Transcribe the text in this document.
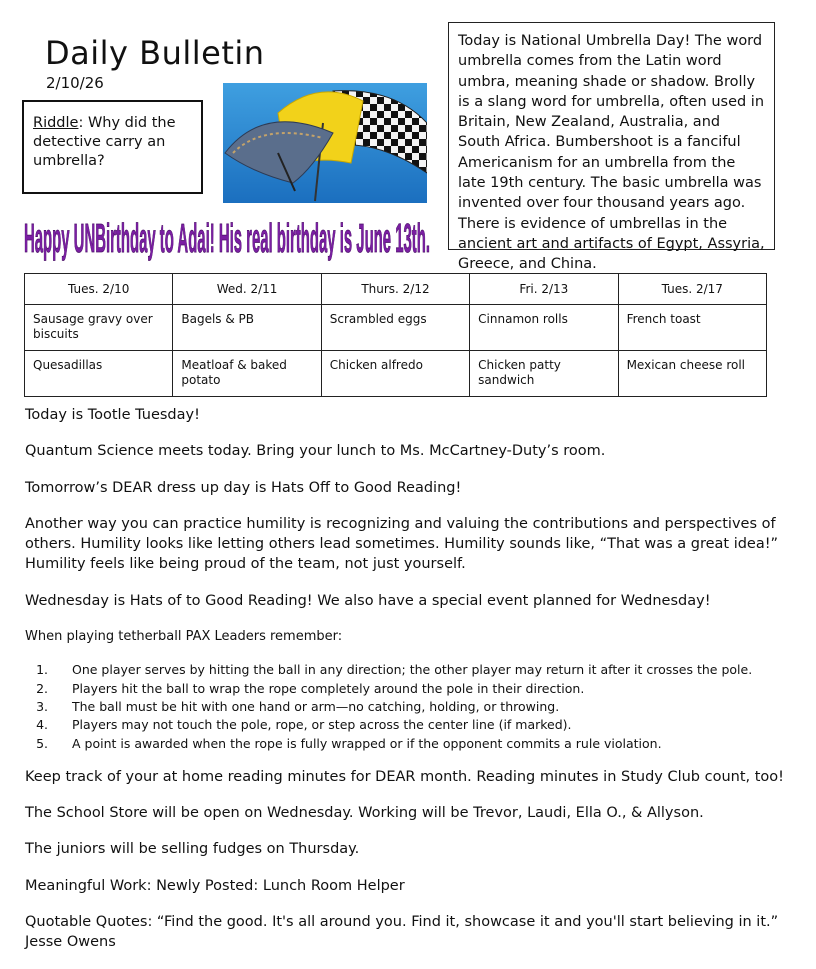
Daily Bulletin
2/10/26
Riddle: Why did the detective carry an umbrella?
Today is National Umbrella Day! The word umbrella comes from the Latin word umbra, meaning shade or shadow. Brolly is a slang word for umbrella, often used in Britain, New Zealand, Australia, and South Africa. Bumbershoot is a fanciful Americanism for an umbrella from the late 19th century. The basic umbrella was invented over four thousand years ago. There is evidence of umbrellas in the ancient art and artifacts of Egypt, Assyria, Greece, and China.
Happy UNBirthday to Adai! His real birthday is June 13th.
Tues. 2/10	Wed. 2/11	Thurs. 2/12	Fri. 2/13	Tues. 2/17
Sausage gravy over biscuits	Bagels & PB	Scrambled eggs	Cinnamon rolls	French toast
Quesadillas	Meatloaf & baked potato	Chicken alfredo	Chicken patty sandwich	Mexican cheese roll

Today is Tootle Tuesday!

Quantum Science meets today. Bring your lunch to Ms. McCartney-Duty’s room.

Tomorrow’s DEAR dress up day is Hats Off to Good Reading!

Another way you can practice humility is recognizing and valuing the contributions and perspectives of others. Humility looks like letting others lead sometimes. Humility sounds like, “That was a great idea!” Humility feels like being proud of the team, not just yourself.

Wednesday is Hats of to Good Reading! We also have a special event planned for Wednesday!

When playing tetherball PAX Leaders remember:

1.	One player serves by hitting the ball in any direction; the other player may return it after it crosses the pole.
2.	Players hit the ball to wrap the rope completely around the pole in their direction.
3.	The ball must be hit with one hand or arm—no catching, holding, or throwing.
4.	Players may not touch the pole, rope, or step across the center line (if marked).
5.	A point is awarded when the rope is fully wrapped or if the opponent commits a rule violation.

Keep track of your at home reading minutes for DEAR month. Reading minutes in Study Club count, too!

The School Store will be open on Wednesday. Working will be Trevor, Laudi, Ella O., & Allyson.

The juniors will be selling fudges on Thursday.

Meaningful Work: Newly Posted: Lunch Room Helper

Quotable Quotes: “Find the good. It's all around you. Find it, showcase it and you'll start believing in it.” Jesse Owens
